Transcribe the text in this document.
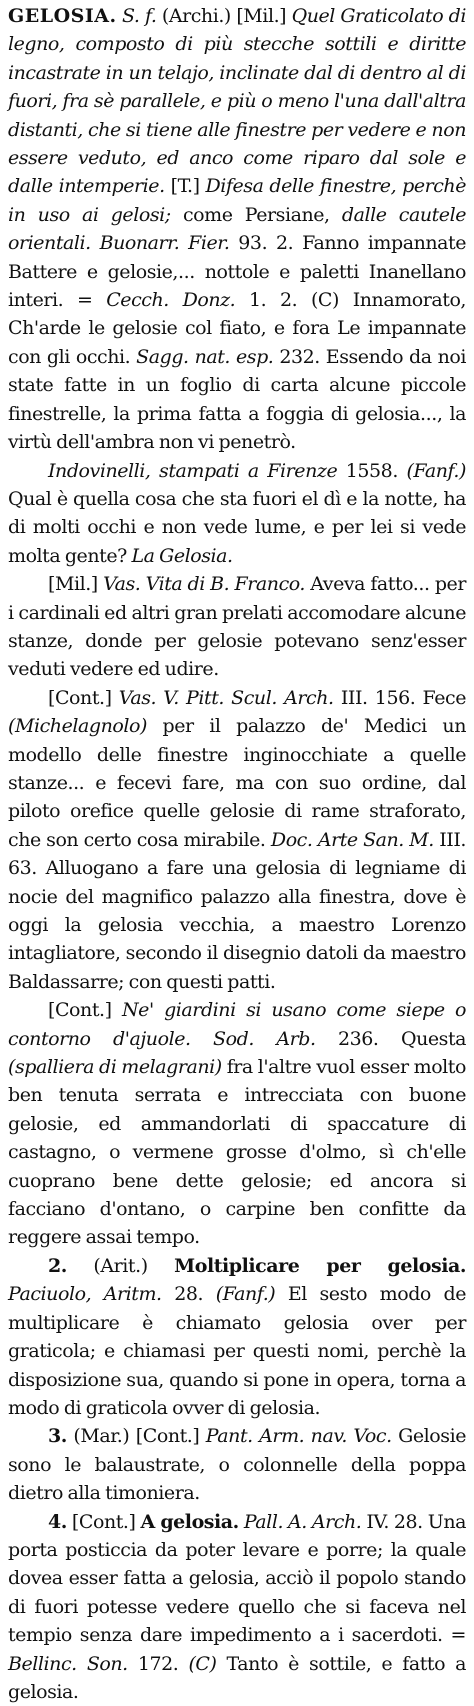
GELOSIA. S. f. (Archi.) [Mil.] Quel Graticolato di legno, composto di più stecche sottili e diritte incastrate in un telajo, inclinate dal di dentro al di fuori, fra sè parallele, e più o meno l'una dall'altra distanti, che si tiene alle finestre per vedere e non essere veduto, ed anco come riparo dal sole e dalle intemperie. [T.] Difesa delle finestre, perchè in uso ai gelosi; come Persiane, dalle cautele orientali. Buonarr. Fier. 93. 2. Fanno impannate Battere e gelosie,... nottole e paletti Inanellano interi. = Cecch. Donz. 1. 2. (C) Innamorato, Ch'arde le gelosie col fiato, e fora Le impannate con gli occhi. Sagg. nat. esp. 232. Essendo da noi state fatte in un foglio di carta alcune piccole finestrelle, la prima fatta a foggia di gelosia..., la virtù dell'ambra non vi penetrò.

Indovinelli, stampati a Firenze 1558. (Fanf.) Qual è quella cosa che sta fuori el dì e la notte, ha di molti occhi e non vede lume, e per lei si vede molta gente? La Gelosia.

[Mil.] Vas. Vita di B. Franco. Aveva fatto... per i cardinali ed altri gran prelati accomodare alcune stanze, donde per gelosie potevano senz'esser veduti vedere ed udire.

[Cont.] Vas. V. Pitt. Scul. Arch. III. 156. Fece (Michelagnolo) per il palazzo de' Medici un modello delle finestre inginocchiate a quelle stanze... e fecevi fare, ma con suo ordine, dal piloto orefice quelle gelosie di rame straforato, che son certo cosa mirabile. Doc. Arte San. M. III. 63. Alluogano a fare una gelosia di legniame di nocie del magnifico palazzo alla finestra, dove è oggi la gelosia vecchia, a maestro Lorenzo intagliatore, secondo il disegnio datoli da maestro Baldassarre; con questi patti.

[Cont.] Ne' giardini si usano come siepe o contorno d'ajuole. Sod. Arb. 236. Questa (spalliera di melagrani) fra l'altre vuol esser molto ben tenuta serrata e intrecciata con buone gelosie, ed ammandorlati di spaccature di castagno, o vermene grosse d'olmo, sì ch'elle cuoprano bene dette gelosie; ed ancora si facciano d'ontano, o carpine ben confitte da reggere assai tempo.

2. (Arit.) Moltiplicare per gelosia. Paciuolo, Aritm. 28. (Fanf.) El sesto modo de multiplicare è chiamato gelosia over per graticola; e chiamasi per questi nomi, perchè la disposizione sua, quando si pone in opera, torna a modo di graticola ovver di gelosia.

3. (Mar.) [Cont.] Pant. Arm. nav. Voc. Gelosie sono le balaustrate, o colonnelle della poppa dietro alla timoniera.

4. [Cont.] A gelosia. Pall. A. Arch. IV. 28. Una porta posticcia da poter levare e porre; la quale dovea esser fatta a gelosia, acciò il popolo stando di fuori potesse vedere quello che si faceva nel tempio senza dare impedimento a i sacerdoti. = Bellinc. Son. 172. (C) Tanto è sottile, e fatto a gelosia.
